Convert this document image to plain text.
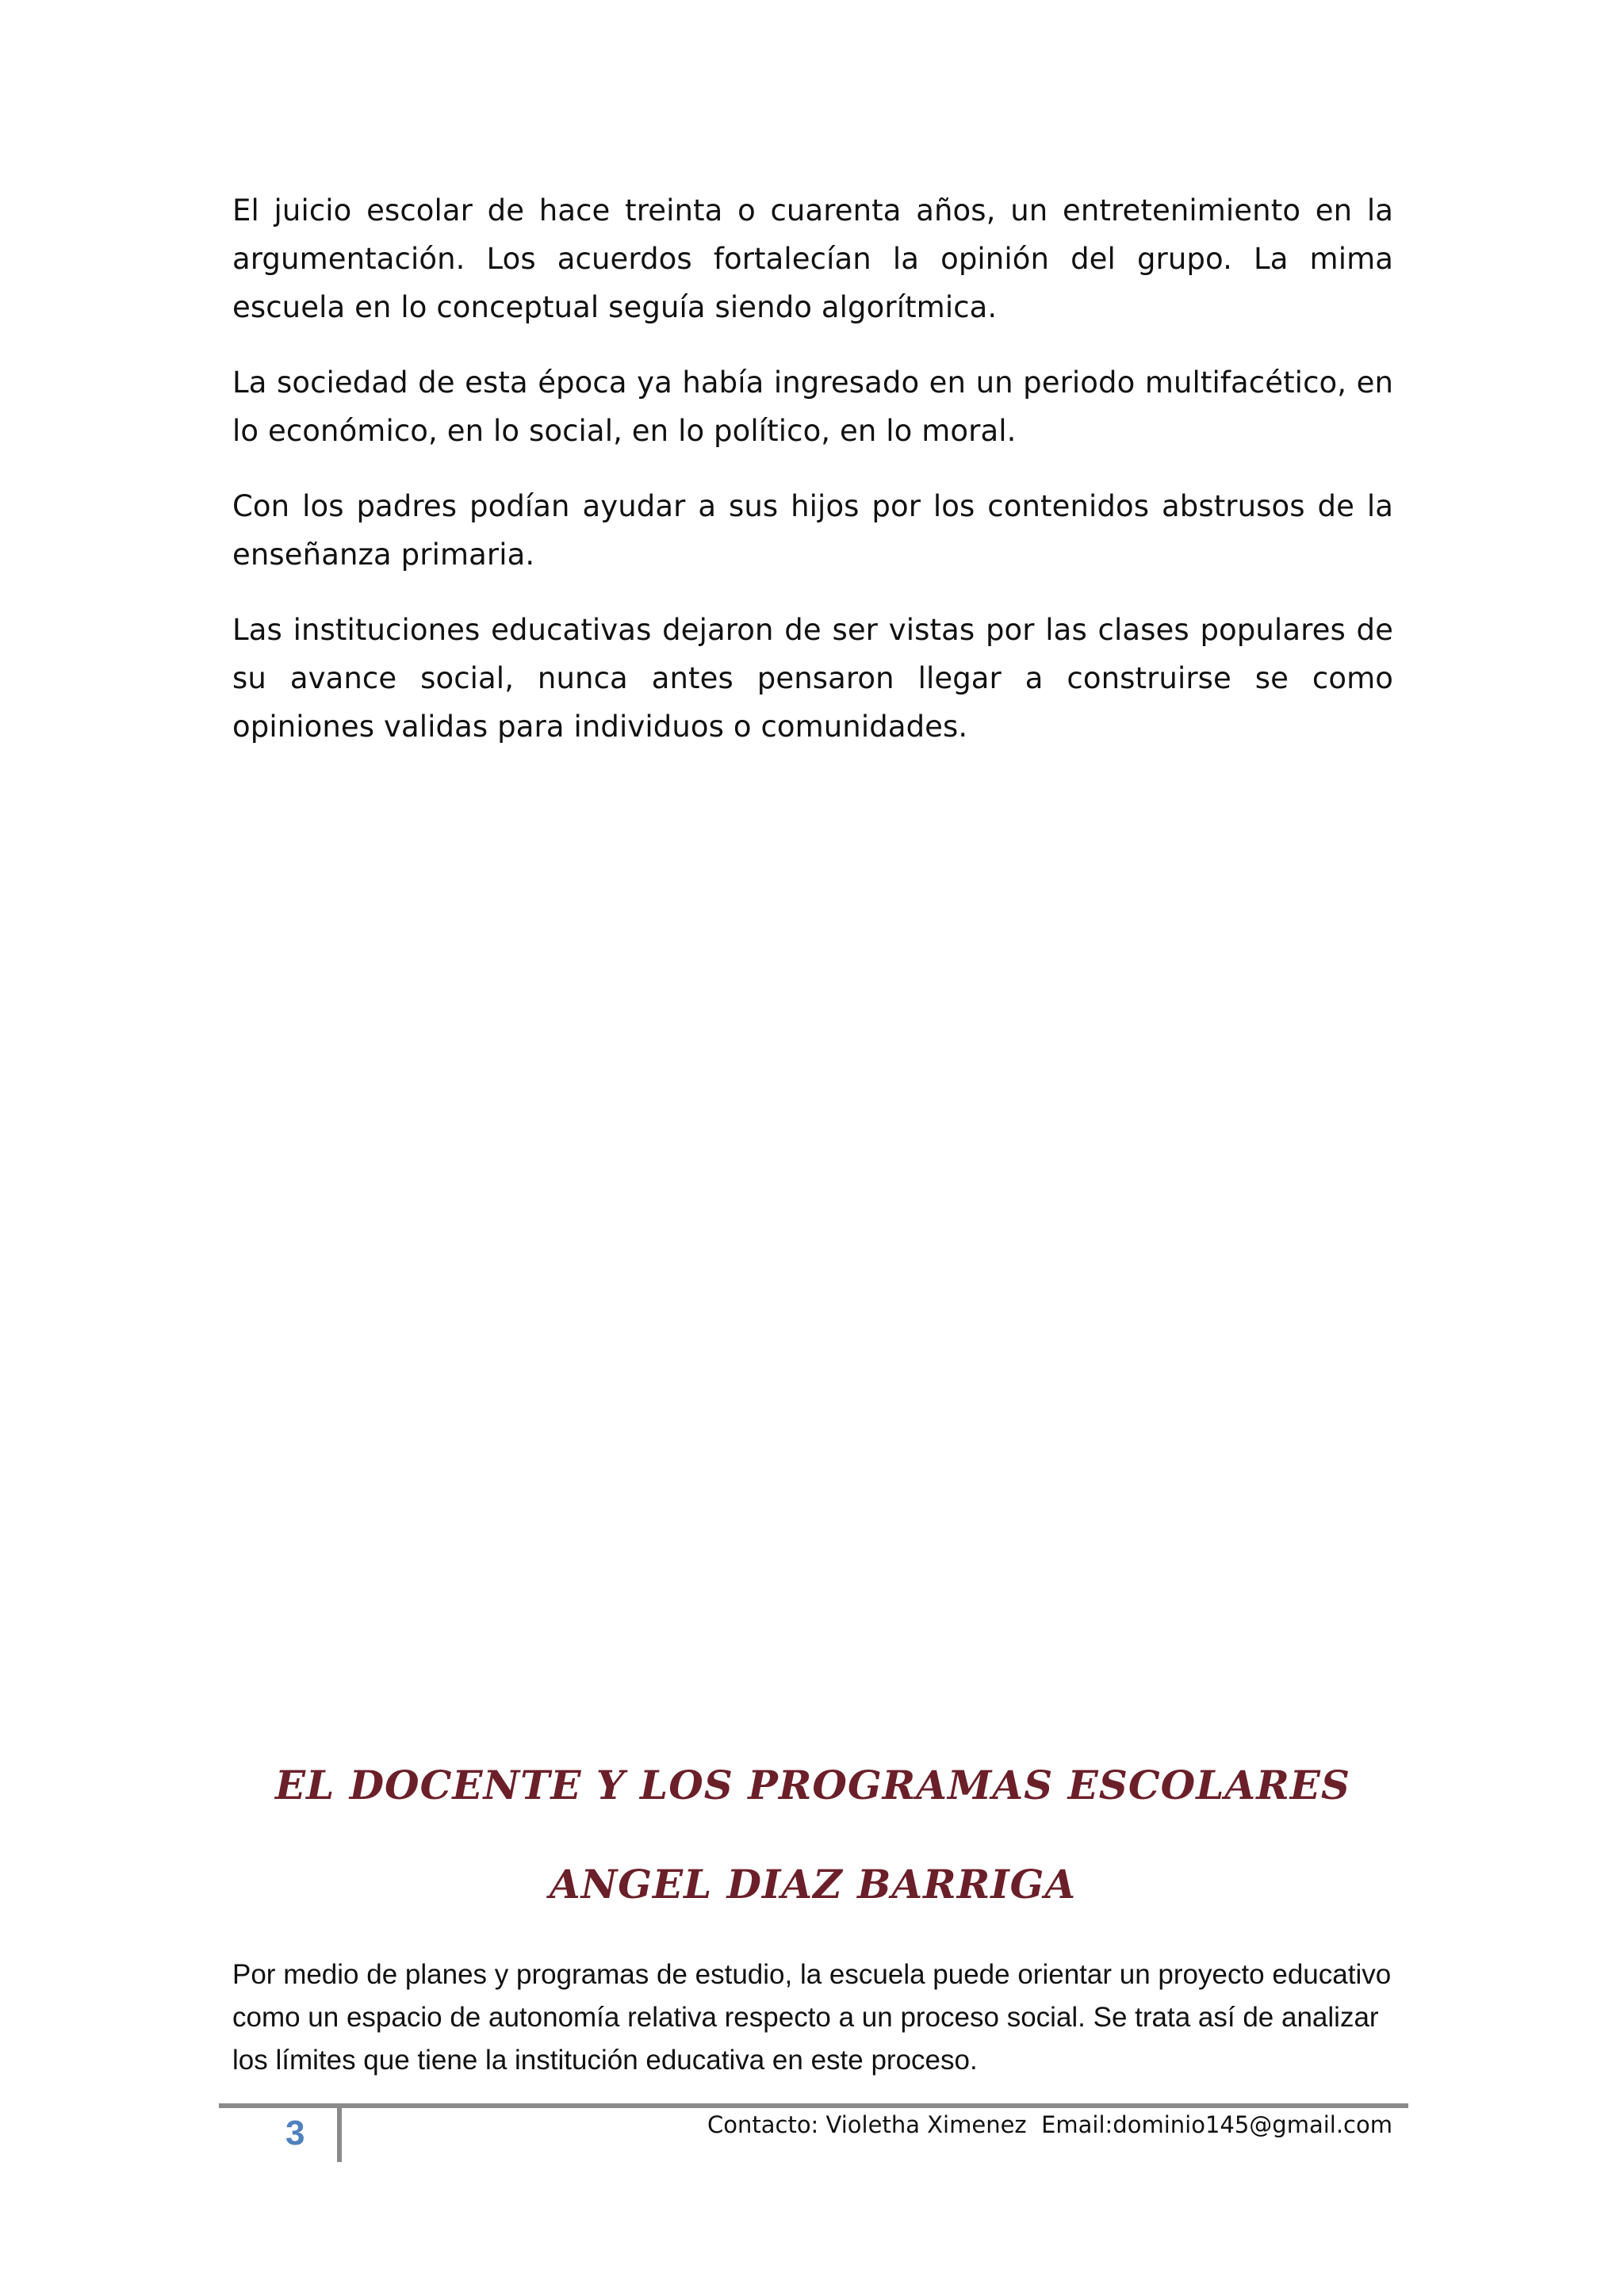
El juicio escolar de hace treinta o cuarenta años, un entretenimiento en la argumentación. Los acuerdos fortalecían la opinión del grupo. La mima escuela en lo conceptual seguía siendo algorítmica.

La sociedad de esta época ya había ingresado en un periodo multifacético, en lo económico, en lo social, en lo político, en lo moral.

Con los padres podían ayudar a sus hijos por los contenidos abstrusos de la enseñanza primaria.

Las instituciones educativas dejaron de ser vistas por las clases populares de su avance social, nunca antes pensaron llegar a construirse se como opiniones validas para individuos o comunidades.

EL DOCENTE Y LOS PROGRAMAS ESCOLARES
ANGEL DIAZ BARRIGA

Por medio de planes y programas de estudio, la escuela puede orientar un proyecto educativo como un espacio de autonomía relativa respecto a un proceso social. Se trata así de analizar los límites que tiene la institución educativa en este proceso.

3	Contacto: Violetha Ximenez  Email:dominio145@gmail.com
